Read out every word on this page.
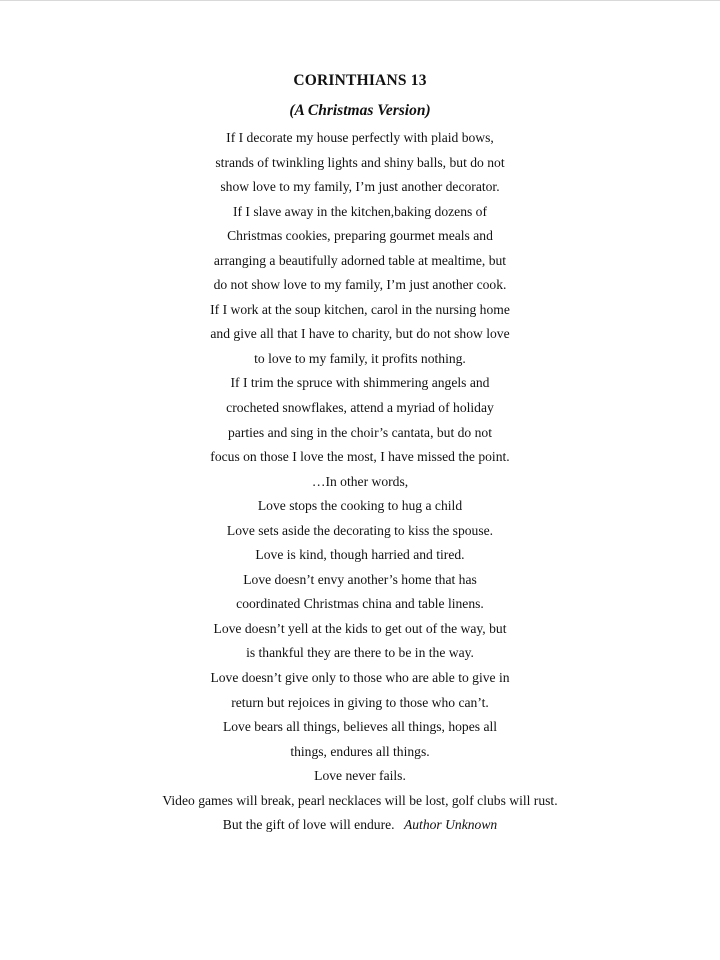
CORINTHIANS 13
(A Christmas Version)
If I decorate my house perfectly with plaid bows,
strands of twinkling lights and shiny balls, but do not
show love to my family, I’m just another decorator.
If I slave away in the kitchen,baking dozens of
Christmas cookies, preparing gourmet meals and
arranging a beautifully adorned table at mealtime, but
do not show love to my family, I’m just another cook.
If I work at the soup kitchen, carol in the nursing home
and give all that I have to charity, but do not show love
to love to my family, it profits nothing.
If I trim the spruce with shimmering angels and
crocheted snowflakes, attend a myriad of holiday
parties and sing in the choir’s cantata, but do not
focus on those I love the most, I have missed the point.
…In other words,
Love stops the cooking to hug a child
Love sets aside the decorating to kiss the spouse.
Love is kind, though harried and tired.
Love doesn’t envy another’s home that has
coordinated Christmas china and table linens.
Love doesn’t yell at the kids to get out of the way, but
is thankful they are there to be in the way.
Love doesn’t give only to those who are able to give in
return but rejoices in giving to those who can’t.
Love bears all things, believes all things, hopes all
things, endures all things.
Love never fails.
Video games will break, pearl necklaces will be lost, golf clubs will rust.
But the gift of love will endure. Author Unknown
